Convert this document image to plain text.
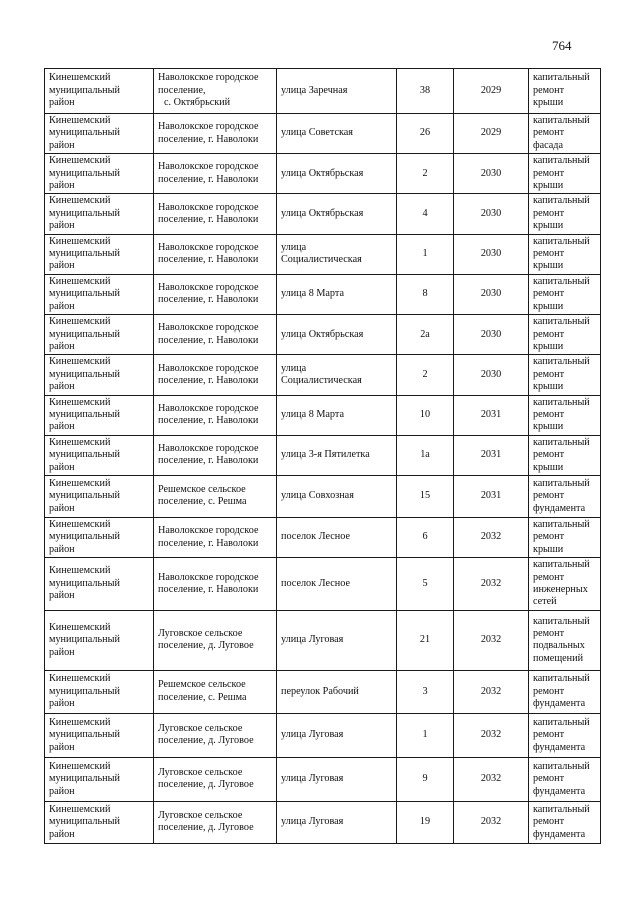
764
Кинешемский
муниципальный
район	Наволокское городское
поселение,
с. Октябрьский	улица Заречная	38	2029	капитальный
ремонт крыши

Кинешемский
муниципальный
район	Наволокское городское
поселение, г. Наволоки	улица Советская	26	2029	капитальный
ремонт фасада

Кинешемский
муниципальный
район	Наволокское городское
поселение, г. Наволоки	улица Октябрьская	2	2030	капитальный
ремонт крыши

Кинешемский
муниципальный
район	Наволокское городское
поселение, г. Наволоки	улица Октябрьская	4	2030	капитальный
ремонт крыши

Кинешемский
муниципальный
район	Наволокское городское
поселение, г. Наволоки	улица
Социалистическая	1	2030	капитальный
ремонт крыши

Кинешемский
муниципальный
район	Наволокское городское
поселение, г. Наволоки	улица 8 Марта	8	2030	капитальный
ремонт крыши

Кинешемский
муниципальный
район	Наволокское городское
поселение, г. Наволоки	улица Октябрьская	2а	2030	капитальный
ремонт крыши

Кинешемский
муниципальный
район	Наволокское городское
поселение, г. Наволоки	улица
Социалистическая	2	2030	капитальный
ремонт крыши

Кинешемский
муниципальный
район	Наволокское городское
поселение, г. Наволоки	улица 8 Марта	10	2031	капитальный
ремонт крыши

Кинешемский
муниципальный
район	Наволокское городское
поселение, г. Наволоки	улица 3-я Пятилетка	1а	2031	капитальный
ремонт крыши

Кинешемский
муниципальный
район	Решемское сельское
поселение, с. Решма	улица Совхозная	15	2031	капитальный
ремонт
фундамента

Кинешемский
муниципальный
район	Наволокское городское
поселение, г. Наволоки	поселок Лесное	6	2032	капитальный
ремонт крыши

Кинешемский
муниципальный
район	Наволокское городское
поселение, г. Наволоки	поселок Лесное	5	2032	капитальный
ремонт
инженерных
сетей

Кинешемский
муниципальный
район	Луговское сельское
поселение, д. Луговое	улица Луговая	21	2032	капитальный
ремонт
подвальных
помещений

Кинешемский
муниципальный
район	Решемское сельское
поселение, с. Решма	переулок Рабочий	3	2032	капитальный
ремонт
фундамента

Кинешемский
муниципальный
район	Луговское сельское
поселение, д. Луговое	улица Луговая	1	2032	капитальный
ремонт
фундамента

Кинешемский
муниципальный
район	Луговское сельское
поселение, д. Луговое	улица Луговая	9	2032	капитальный
ремонт
фундамента

Кинешемский
муниципальный
район	Луговское сельское
поселение, д. Луговое	улица Луговая	19	2032	капитальный
ремонт
фундамента
